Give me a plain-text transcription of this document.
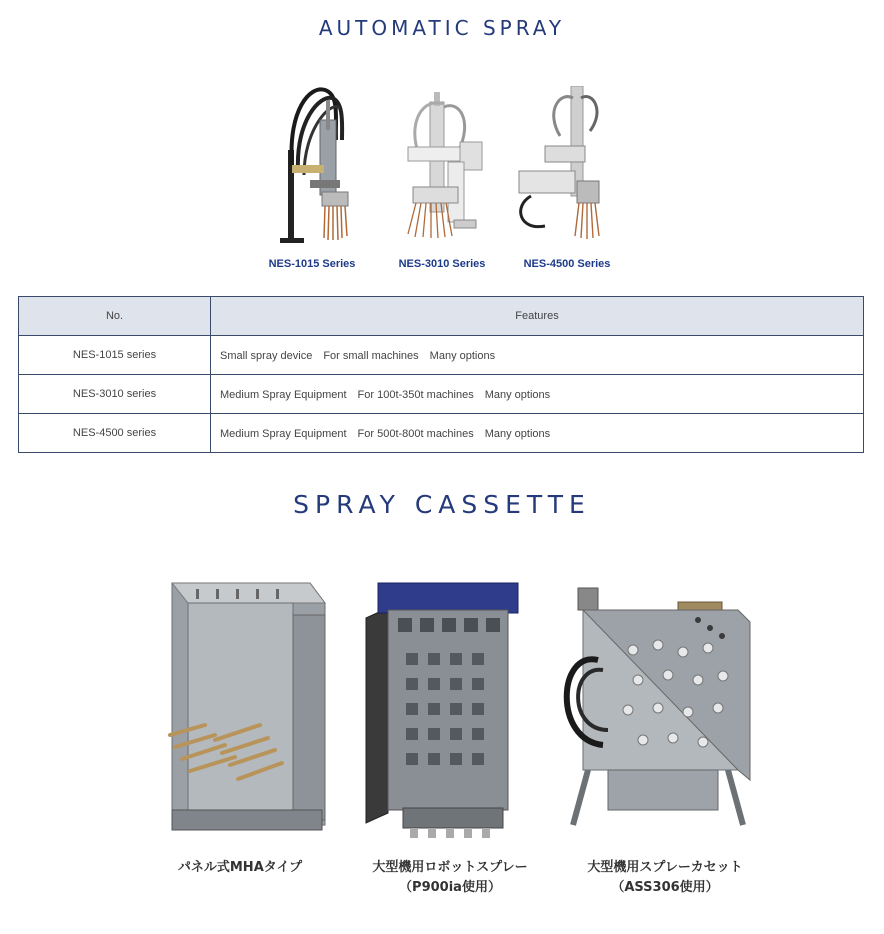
AUTOMATIC SPRAY
NES-1015 Series	NES-3010 Series	NES-4500 Series
No.	Features
NES-1015 series	Small spray device　For small machines　Many options
NES-3010 series	Medium Spray Equipment　For 100t-350t machines　Many options
NES-4500 series	Medium Spray Equipment　For 500t-800t machines　Many options
SPRAY CASSETTE
パネル式MHAタイプ	大型機用ロボットスプレー
（P900ia使用）
大型機用スプレーカセット
（ASS306使用）
